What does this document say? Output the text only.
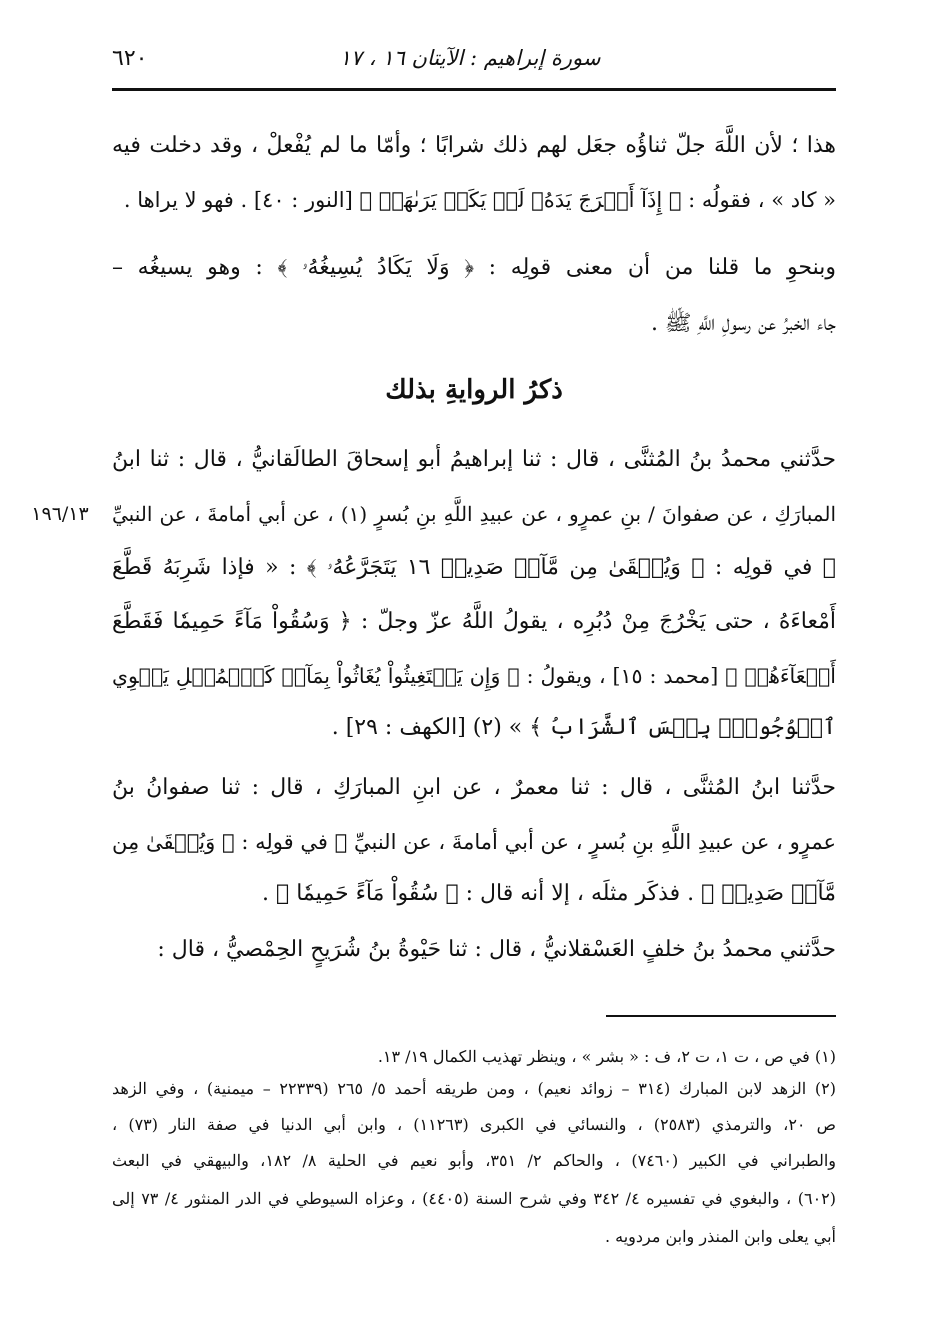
٦٢٠	سورة إبراهيم : الآيتان ١٦ ، ١٧
هذا ؛ لأن اللَّهَ جلّ ثناؤُه جعَل لهم ذلك شرابًا ؛ وأمّا ما لم يُفْعلْ ، وقد دخلت فيه
« كاد » ، فقولُه : ﴿ إِذَآ أَخۡرَجَ يَدَهُۥ لَمۡ يَكَدۡ يَرَىٰهَاۗ ﴾ [النور : ٤٠] . فهو لا يراها .
وبنحوِ ما قلنا من أن معنى قولِه : ﴿ وَلَا يَكَادُ يُسِيغُهُۥ ﴾ : وهو يسيغُه –
جاء الخبرُ عن رسولِ اللَّهِ ﷺ .
ذكرُ الروايةِ بذلك
١٩٦/١٣
حدَّثني محمدُ بنُ المُثنَّى ، قال : ثنا إبراهيمُ أبو إسحاقَ الطالَقانيُّ ، قال : ثنا ابنُ
المبارَكِ ، عن صفوانَ / بنِ عمرٍو ، عن عبيدِ اللَّهِ بنِ بُسرٍ (١) ، عن أبي أمامةَ ، عن النبيِّ
ﷺ في قولِه : ﴿ وَيُسۡقَىٰ مِن مَّآءٖ صَدِيدٖ ١٦ يَتَجَرَّعُهُۥ ﴾ : « فإذا شَرِبَهُ قَطَّعَ
أَمْعاءَهُ ، حتى يَخْرُجَ مِنْ دُبُرِه ، يقولُ اللَّهُ عزّ وجلّ : ﴿ وَسُقُواْ مَآءً حَمِيمٗا فَقَطَّعَ
أَمۡعَآءَهُمۡ ﴾ [محمد : ١٥] ، ويقولُ : ﴿ وَإِن يَسۡتَغِيثُواْ يُغَاثُواْ بِمَآءٖ كَٱلۡمُهۡلِ يَشۡوِي
ٱلۡوُجُوهَۚ بِئۡسَ ٱلشَّرَابُ ﴾ » (٢) [الكهف : ٢٩] .
حدَّثنا ابنُ المُثنَّى ، قال : ثنا معمرٌ ، عن ابنِ المبارَكِ ، قال : ثنا صفوانُ بنُ
عمرٍو ، عن عبيدِ اللَّهِ بنِ بُسرٍ ، عن أبي أمامةَ ، عن النبيِّ ﷺ في قولِه : ﴿ وَيُسۡقَىٰ مِن
مَّآءٖ صَدِيدٖ ﴾ . فذكَر مثلَه ، إلا أنه قال : ﴿ سُقُواْ مَآءً حَمِيمٗا ﴾ .
حدَّثني محمدُ بنُ خلفٍ العَسْقلانيُّ ، قال : ثنا حَيْوةُ بنُ شُرَيحٍ الحِمْصيُّ ، قال :
(١) في ص ، ت ١، ت ٢، ف : « بشر » ، وينظر تهذيب الكمال ١٩/ ١٣.
(٢) الزهد لابن المبارك (٣١٤ – زوائد نعيم) ، ومن طريقه أحمد ٥/ ٢٦٥ (٢٢٣٣٩ – ميمنية) ، وفي الزهد
ص ٢٠، والترمذي (٢٥٨٣) ، والنسائي في الكبرى (١١٢٦٣) ، وابن أبي الدنيا في صفة النار (٧٣) ،
والطبراني في الكبير (٧٤٦٠) ، والحاكم ٢/ ٣٥١، وأبو نعيم في الحلية ٨/ ١٨٢، والبيهقي في البعث
(٦٠٢) ، والبغوي في تفسيره ٤/ ٣٤٢ وفي شرح السنة (٤٤٠٥) ، وعزاه السيوطي في الدر المنثور ٤/ ٧٣ إلى
أبي يعلى وابن المنذر وابن مردويه .
